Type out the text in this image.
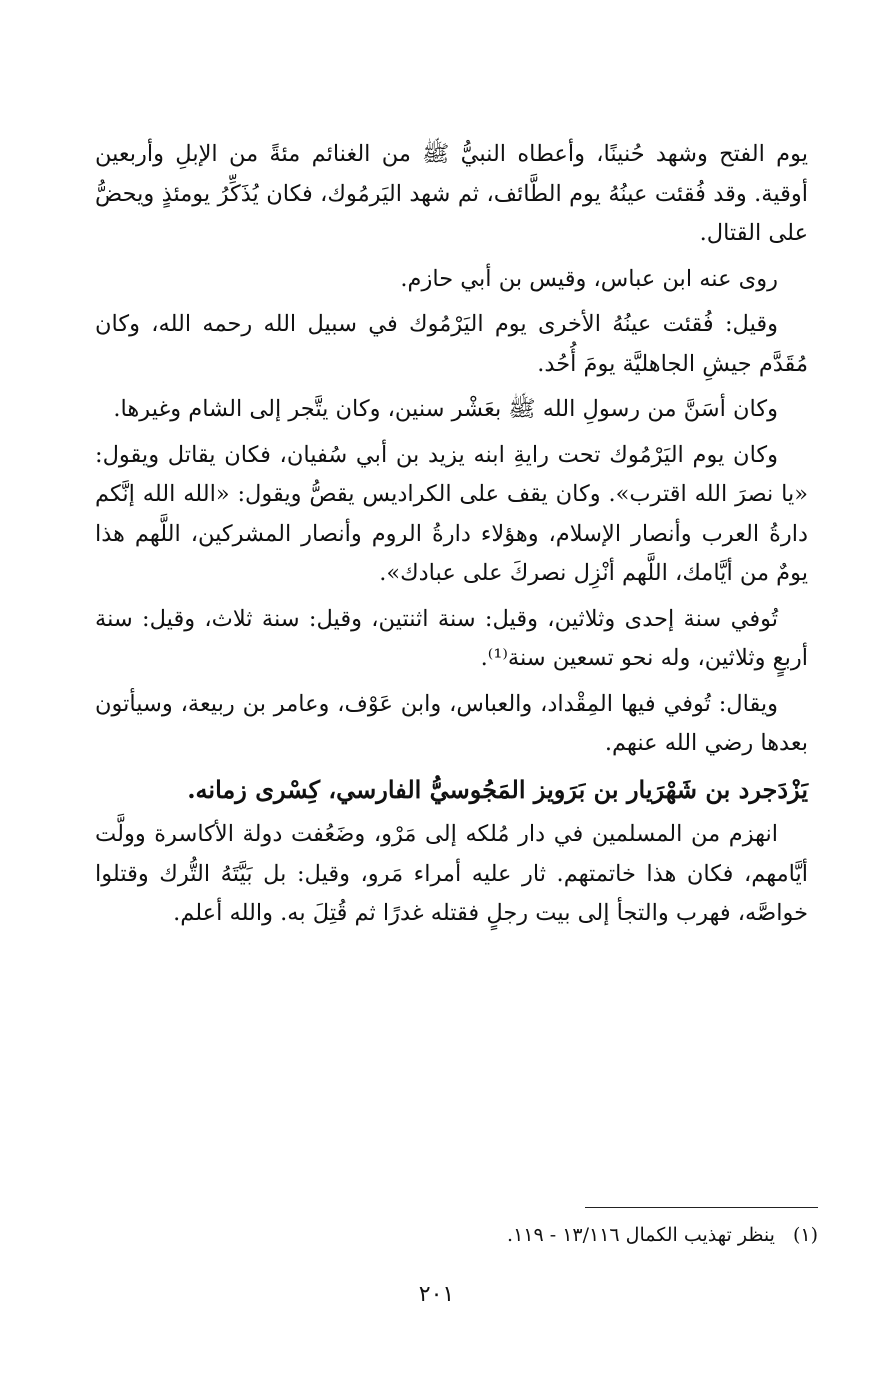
يوم الفتح وشهد حُنينًا، وأعطاه النبيُّ ﷺ من الغنائم مئةً من الإبلِ وأربعين أوقية. وقد فُقئت عينُهُ يوم الطَّائف، ثم شهد اليَرمُوك، فكان يُذَكِّرُ يومئذٍ ويحضُّ على القتال.

روى عنه ابن عباس، وقيس بن أبي حازم.

وقيل: فُقئت عينُهُ الأخرى يوم اليَرْمُوك في سبيل الله رحمه الله، وكان مُقَدَّم جيشِ الجاهليَّة يومَ أُحُد.

وكان أسَنَّ من رسولِ الله ﷺ بعَشْر سنين، وكان يتَّجر إلى الشام وغيرها.

وكان يوم اليَرْمُوك تحت رايةِ ابنه يزيد بن أبي سُفيان، فكان يقاتل ويقول: «يا نصرَ الله اقترب». وكان يقف على الكراديس يقصُّ ويقول: «الله الله إنَّكم دارةُ العرب وأنصار الإسلام، وهؤلاء دارةُ الروم وأنصار المشركين، اللَّهم هذا يومٌ من أيَّامك، اللَّهم أنْزِل نصركَ على عبادك».

تُوفي سنة إحدى وثلاثين، وقيل: سنة اثنتين، وقيل: سنة ثلاث، وقيل: سنة أربعٍ وثلاثين، وله نحو تسعين سنة⁽¹⁾.

ويقال: تُوفي فيها المِقْداد، والعباس، وابن عَوْف، وعامر بن ربيعة، وسيأتون بعدها رضي الله عنهم.

يَزْدَجرد بن شَهْرَيار بن بَرَويز المَجُوسيُّ الفارسي، كِسْرى زمانه.

انهزم من المسلمين في دار مُلكه إلى مَرْو، وضَعُفت دولة الأكاسرة وولَّت أيَّامهم، فكان هذا خاتمتهم. ثار عليه أمراء مَرو، وقيل: بل بَيَّتَهُ التُّرك وقتلوا خواصَّه، فهرب والتجأ إلى بيت رجلٍ فقتله غدرًا ثم قُتِلَ به. والله أعلم.

(١)ينظر تهذيب الكمال ١٣/١١٦ - ١١٩.
٢٠١
